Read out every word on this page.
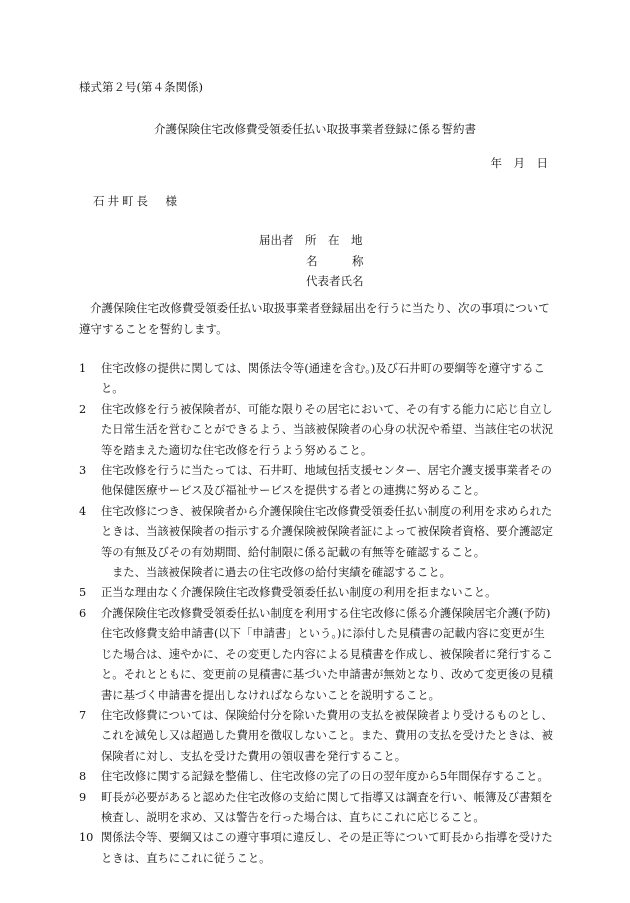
様式第２号(第４条関係)
介護保険住宅改修費受領委任払い取扱事業者登録に係る誓約書
年　月　日
石井町長　様
届出者　 所　在　地
名　　　称
代表者氏名
介護保険住宅改修費受領委任払い取扱事業者登録届出を行うに当たり、次の事項について遵守することを誓約します。
1	住宅改修の提供に関しては、関係法令等(通達を含む。)及び石井町の要綱等を遵守すること。
2	住宅改修を行う被保険者が、可能な限りその居宅において、その有する能力に応じ自立した日常生活を営むことができるよう、当該被保険者の心身の状況や希望、当該住宅の状況等を踏まえた適切な住宅改修を行うよう努めること。
3	住宅改修を行うに当たっては、石井町、地域包括支援センター、居宅介護支援事業者その他保健医療サービス及び福祉サービスを提供する者との連携に努めること。
4	住宅改修につき、被保険者から介護保険住宅改修費受領委任払い制度の利用を求められたときは、当該被保険者の指示する介護保険被保険者証によって被保険者資格、要介護認定等の有無及びその有効期間、給付制限に係る記載の有無等を確認すること。
また、当該被保険者に過去の住宅改修の給付実績を確認すること。
5	正当な理由なく介護保険住宅改修費受領委任払い制度の利用を拒まないこと。
6	介護保険住宅改修費受領委任払い制度を利用する住宅改修に係る介護保険居宅介護(予防)住宅改修費支給申請書(以下「申請書」という。)に添付した見積書の記載内容に変更が生じた場合は、速やかに、その変更した内容による見積書を作成し、被保険者に発行すること。それとともに、変更前の見積書に基づいた申請書が無効となり、改めて変更後の見積書に基づく申請書を提出しなければならないことを説明すること。
7	住宅改修費については、保険給付分を除いた費用の支払を被保険者より受けるものとし、これを減免し又は超過した費用を徴収しないこと。また、費用の支払を受けたときは、被保険者に対し、支払を受けた費用の領収書を発行すること。
8	住宅改修に関する記録を整備し、住宅改修の完了の日の翌年度から5年間保存すること。
9	町長が必要があると認めた住宅改修の支給に関して指導又は調査を行い、帳簿及び書類を検査し、説明を求め、又は警告を行った場合は、直ちにこれに応じること。
10 関係法令等、要綱又はこの遵守事項に違反し、その是正等について町長から指導を受けたときは、直ちにこれに従うこと。
